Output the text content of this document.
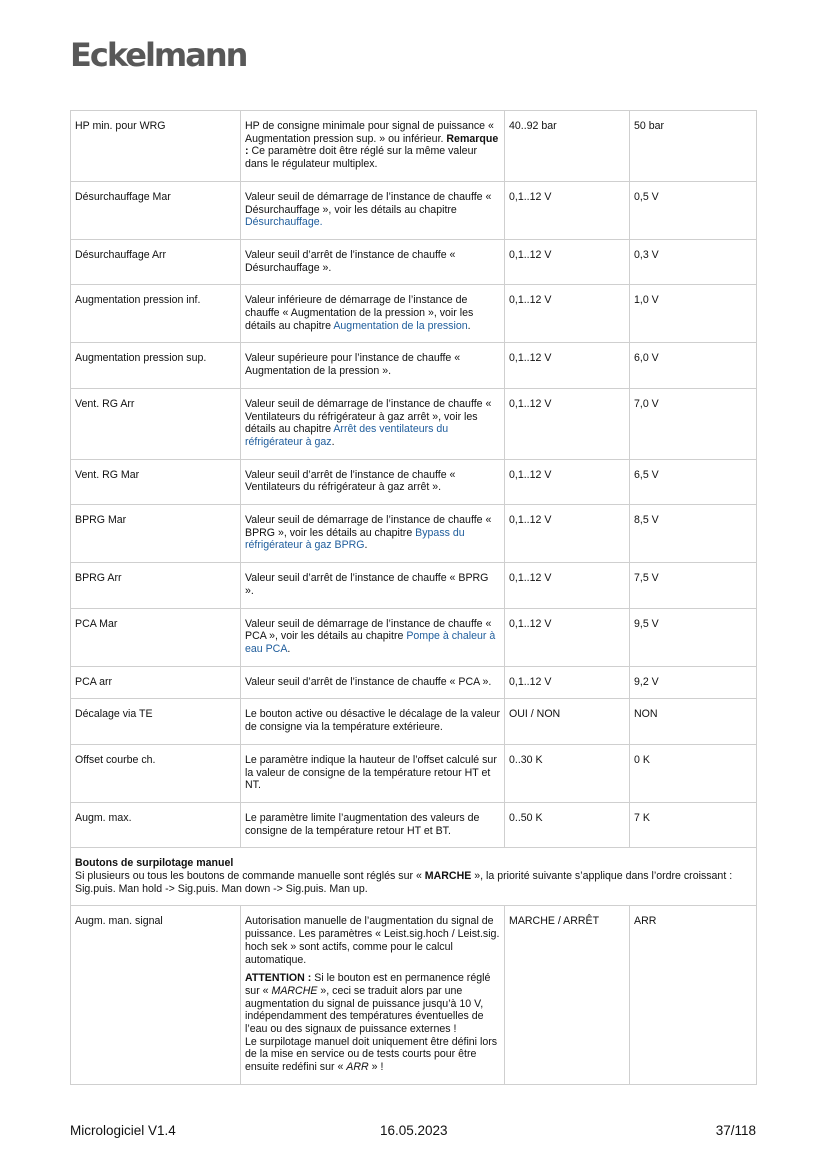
Eckelmann
HP min. pour WRG	HP de consigne minimale pour signal de puissance « Augmentation pression sup. » ou inférieur. Remarque : Ce paramètre doit être réglé sur la même valeur dans le régulateur multiplex.	40..92 bar	50 bar
Désurchauffage Mar	Valeur seuil de démarrage de l’instance de chauffe « Désurchauffage », voir les détails au chapitre Désurchauffage.	0,1..12 V	0,5 V
Désurchauffage Arr	Valeur seuil d’arrêt de l’instance de chauffe « Désurchauffage ».	0,1..12 V	0,3 V
Augmentation pression inf.	Valeur inférieure de démarrage de l’instance de chauffe « Augmentation de la pression », voir les détails au chapitre Augmentation de la pression.	0,1..12 V	1,0 V
Augmentation pression sup.	Valeur supérieure pour l’instance de chauffe « Augmentation de la pression ».	0,1..12 V	6,0 V
Vent. RG Arr	Valeur seuil de démarrage de l’instance de chauffe « Ventilateurs du réfrigérateur à gaz arrêt », voir les détails au chapitre Arrêt des ventilateurs du réfrigérateur à gaz.	0,1..12 V	7,0 V
Vent. RG Mar	Valeur seuil d’arrêt de l’instance de chauffe « Ventilateurs du réfrigérateur à gaz arrêt ».	0,1..12 V	6,5 V
BPRG Mar	Valeur seuil de démarrage de l’instance de chauffe « BPRG », voir les détails au chapitre Bypass du réfrigérateur à gaz BPRG.	0,1..12 V	8,5 V
BPRG Arr	Valeur seuil d’arrêt de l’instance de chauffe « BPRG ».	0,1..12 V	7,5 V
PCA Mar	Valeur seuil de démarrage de l’instance de chauffe « PCA », voir les détails au chapitre Pompe à chaleur à eau PCA.	0,1..12 V	9,5 V
PCA arr	Valeur seuil d’arrêt de l’instance de chauffe « PCA ».	0,1..12 V	9,2 V
Décalage via TE	Le bouton active ou désactive le décalage de la valeur de consigne via la température extérieure.	OUI / NON	NON
Offset courbe ch.	Le paramètre indique la hauteur de l’offset calculé sur la valeur de consigne de la température retour HT et NT.	0..30 K	0 K
Augm. max.	Le paramètre limite l’augmentation des valeurs de consigne de la température retour HT et BT.	0..50 K	7 K

Boutons de surpilotage manuel
Si plusieurs ou tous les boutons de commande manuelle sont réglés sur « MARCHE », la priorité suivante s’applique dans l’ordre croissant : Sig.puis. Man hold -> Sig.puis. Man down -> Sig.puis. Man up.			

Augm. man. signal	Autorisation manuelle de l’augmentation du signal de puissance. Les paramètres « Leist.sig.hoch / Leist.sig. hoch sek » sont actifs, comme pour le calcul automatique.
ATTENTION : Si le bouton est en permanence réglé sur « MARCHE », ceci se traduit alors par une augmentation du signal de puissance jusqu’à 10 V, indépendamment des températures éventuelles de l’eau ou des signaux de puissance externes !
Le surpilotage manuel doit uniquement être défini lors de la mise en service ou de tests courts pour être ensuite redéfini sur « ARR » !	MARCHE / ARRÊT	ARR
Micrologiciel V1.4	16.05.2023	37/118
